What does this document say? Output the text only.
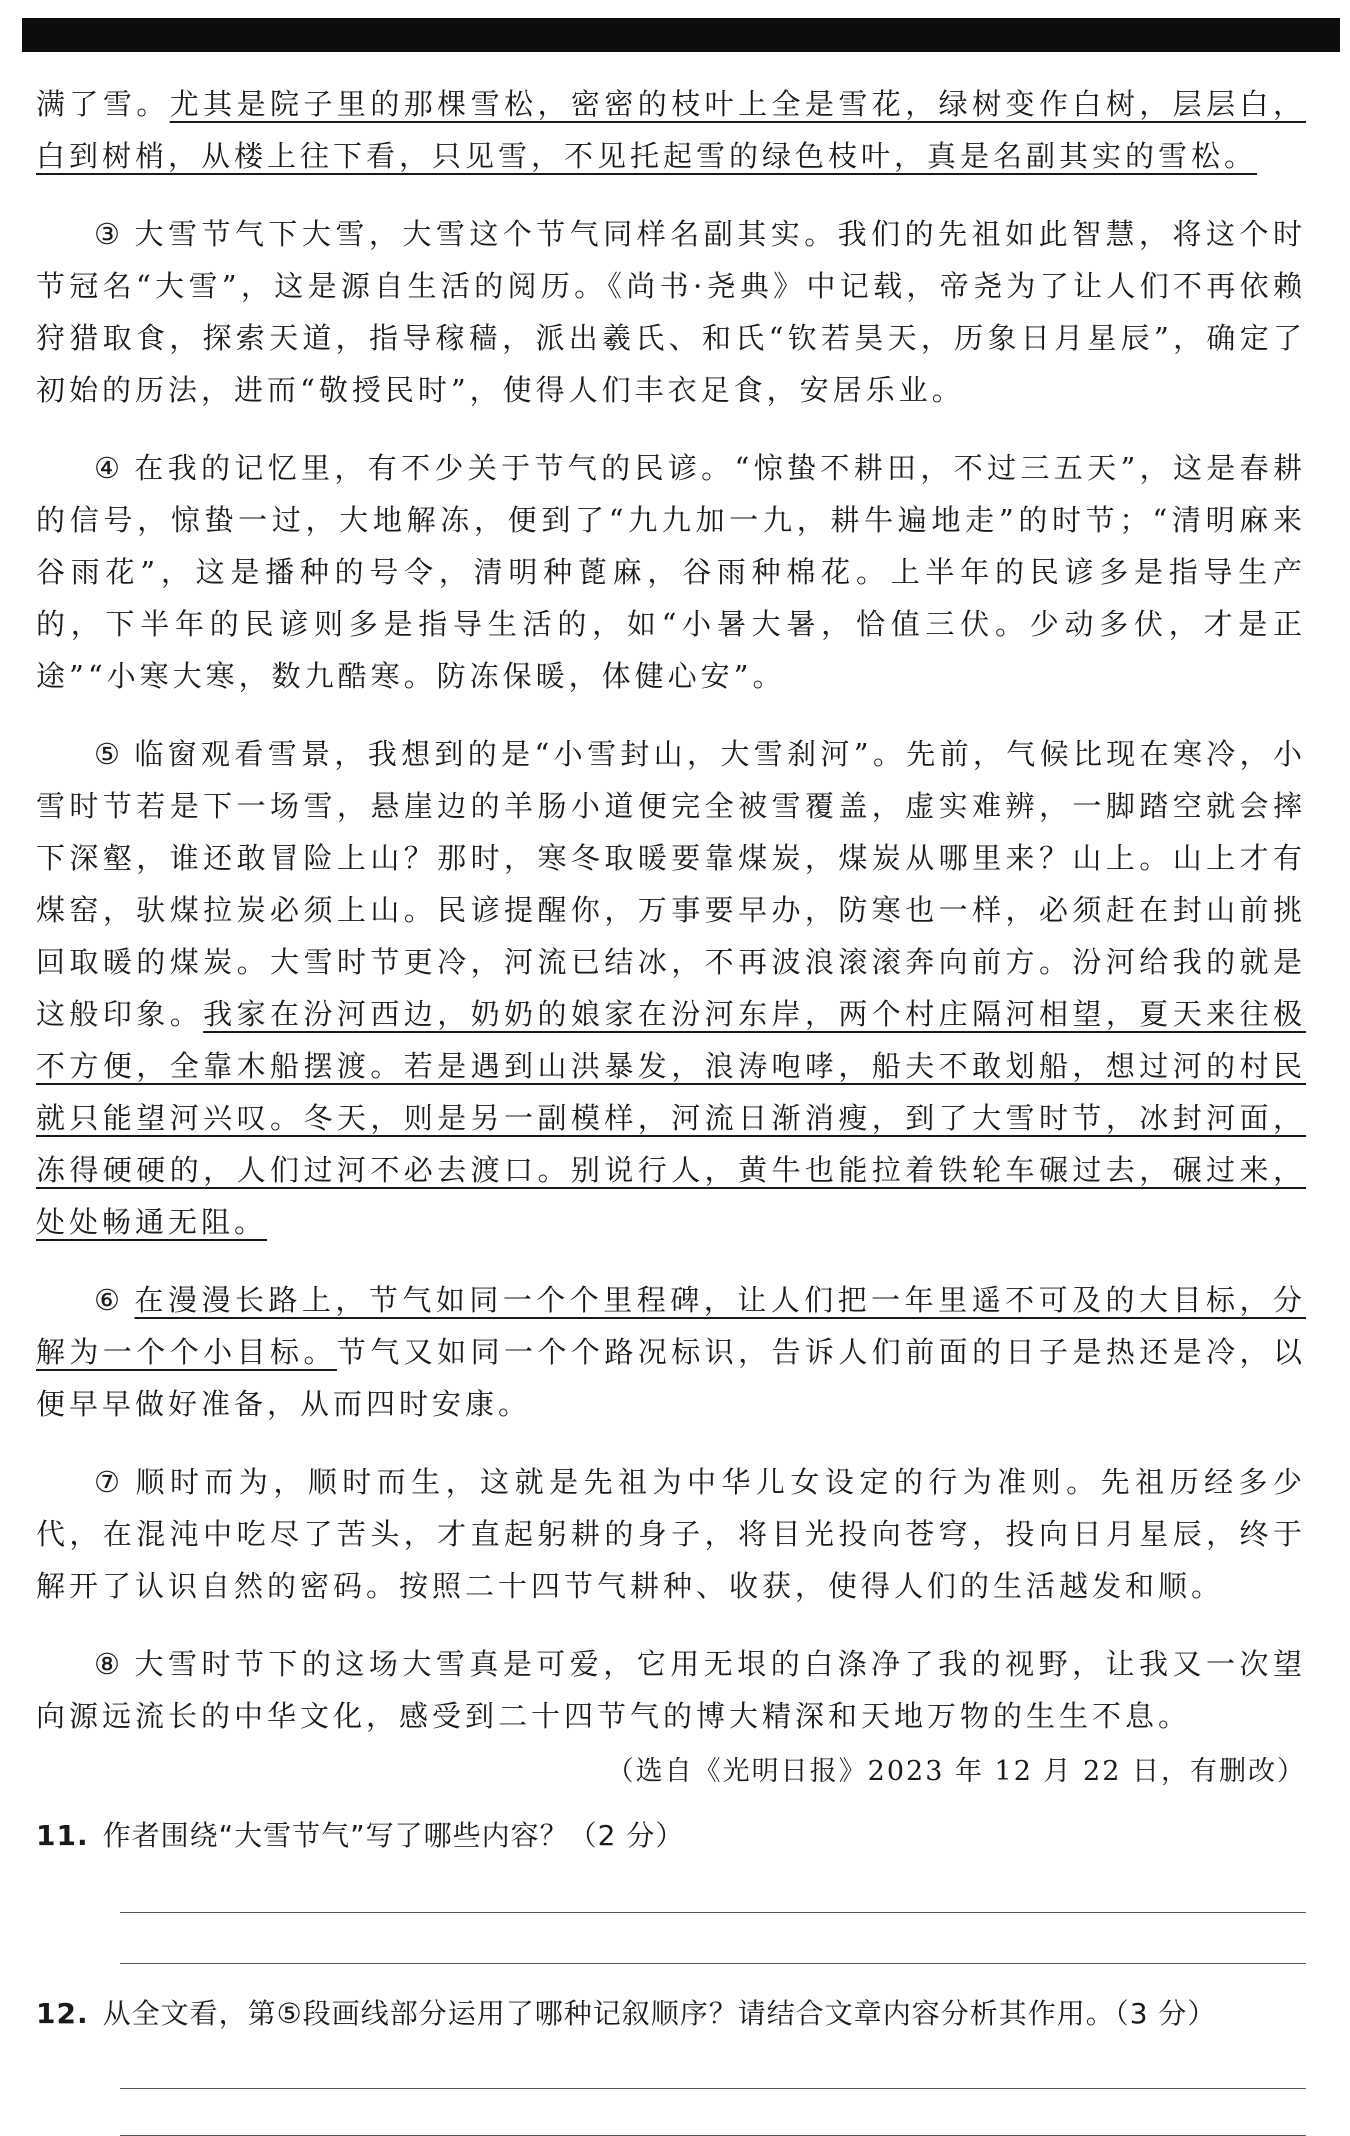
满了雪。尤其是院子里的那棵雪松，密密的枝叶上全是雪花，绿树变作白树，层层白，白到树梢，从楼上往下看，只见雪，不见托起雪的绿色枝叶，真是名副其实的雪松。

③ 大雪节气下大雪，大雪这个节气同样名副其实。我们的先祖如此智慧，将这个时节冠名“大雪”，这是源自生活的阅历。《尚书·尧典》中记载，帝尧为了让人们不再依赖狩猎取食，探索天道，指导稼穑，派出羲氏、和氏“钦若昊天，历象日月星辰”，确定了初始的历法，进而“敬授民时”，使得人们丰衣足食，安居乐业。

④ 在我的记忆里，有不少关于节气的民谚。“惊蛰不耕田，不过三五天”，这是春耕的信号，惊蛰一过，大地解冻，便到了“九九加一九，耕牛遍地走”的时节；“清明麻来谷雨花”，这是播种的号令，清明种蓖麻，谷雨种棉花。上半年的民谚多是指导生产的，下半年的民谚则多是指导生活的，如“小暑大暑，恰值三伏。少动多伏，才是正途”“小寒大寒，数九酷寒。防冻保暖，体健心安”。

⑤ 临窗观看雪景，我想到的是“小雪封山，大雪刹河”。先前，气候比现在寒冷，小雪时节若是下一场雪，悬崖边的羊肠小道便完全被雪覆盖，虚实难辨，一脚踏空就会摔下深壑，谁还敢冒险上山？那时，寒冬取暖要靠煤炭，煤炭从哪里来？山上。山上才有煤窑，驮煤拉炭必须上山。民谚提醒你，万事要早办，防寒也一样，必须赶在封山前挑回取暖的煤炭。大雪时节更冷，河流已结冰，不再波浪滚滚奔向前方。汾河给我的就是这般印象。我家在汾河西边，奶奶的娘家在汾河东岸，两个村庄隔河相望，夏天来往极不方便，全靠木船摆渡。若是遇到山洪暴发，浪涛咆哮，船夫不敢划船，想过河的村民就只能望河兴叹。冬天，则是另一副模样，河流日渐消瘦，到了大雪时节，冰封河面，冻得硬硬的，人们过河不必去渡口。别说行人，黄牛也能拉着铁轮车碾过去，碾过来，处处畅通无阻。

⑥ 在漫漫长路上，节气如同一个个里程碑，让人们把一年里遥不可及的大目标，分解为一个个小目标。节气又如同一个个路况标识，告诉人们前面的日子是热还是冷，以便早早做好准备，从而四时安康。

⑦ 顺时而为，顺时而生，这就是先祖为中华儿女设定的行为准则。先祖历经多少代，在混沌中吃尽了苦头，才直起躬耕的身子，将目光投向苍穹，投向日月星辰，终于解开了认识自然的密码。按照二十四节气耕种、收获，使得人们的生活越发和顺。

⑧ 大雪时节下的这场大雪真是可爱，它用无垠的白涤净了我的视野，让我又一次望向源远流长的中华文化，感受到二十四节气的博大精深和天地万物的生生不息。

（选自《光明日报》2023 年 12 月 22 日，有删改）

11. 作者围绕“大雪节气”写了哪些内容？（2 分）

12. 从全文看，第⑤段画线部分运用了哪种记叙顺序？请结合文章内容分析其作用。（3 分）
